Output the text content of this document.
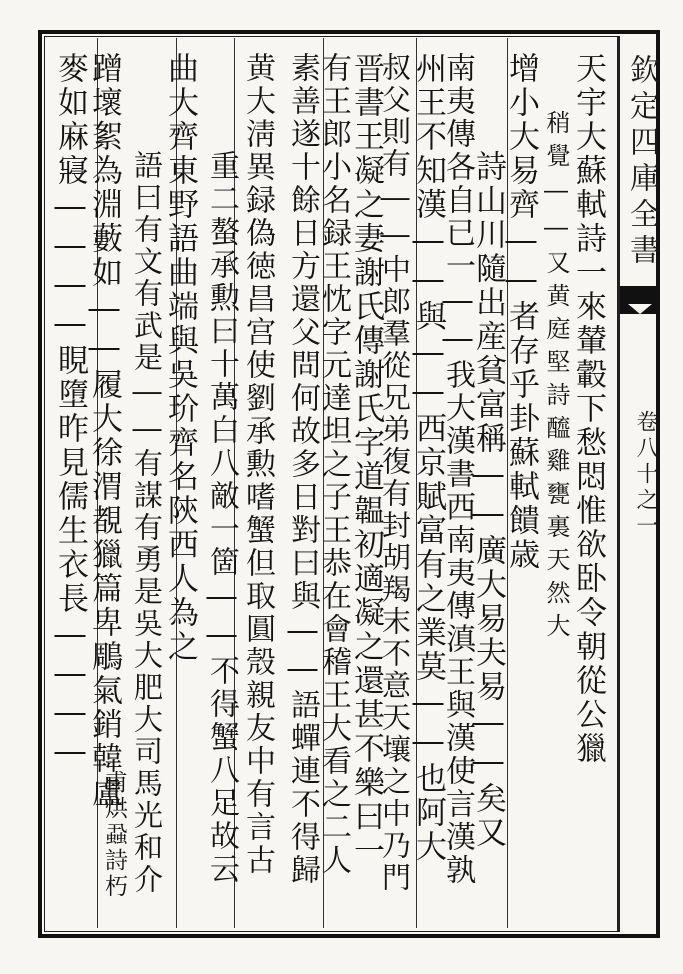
欽定四庫全書
卷八十之一
天宇大蘇軾詩一來輦轂下愁悶惟欲卧令朝從公獵
稍覺――又黄庭堅詩醯雞甕裏天然大
增小大易齊――者存乎卦蘇軾饋歳
詩山川隨出産貧富稱――廣大易夫易――矣又
南夷傳各自已一――我大漢書西南夷傳滇王與漢使言漢孰
州王不知漢――與――西京賦富有之業莫――也阿大
叔父則有――中郎羣從兄弟復有封胡羯末不意天壤之中乃門
晋書王凝之妻謝氏傳謝氏字道韞初適凝之還甚不樂曰一
有王郎小名録王忱字元達坦之子王恭在會稽王大看之二人
素善遂十餘日方還父問何故多日對曰與――語蟬連不得歸
黄大淸異録偽徳昌宫使劉承勲嗜蟹但取圓殼親友中有言古
重二螯承勲曰十萬白八敵一箇――不得蟹八足故云
曲大齊東野語曲端與吳玠齊名陝西人為之
語曰有文有武是――有謀有勇是吳大肥大司馬光和介
甫烘蝨詩朽
蹭壞絮為淵藪如――履大徐渭覩獵篇卑鵰氣銷韓盧
麥如麻寢――――睍墮昨見儒生衣長――――
